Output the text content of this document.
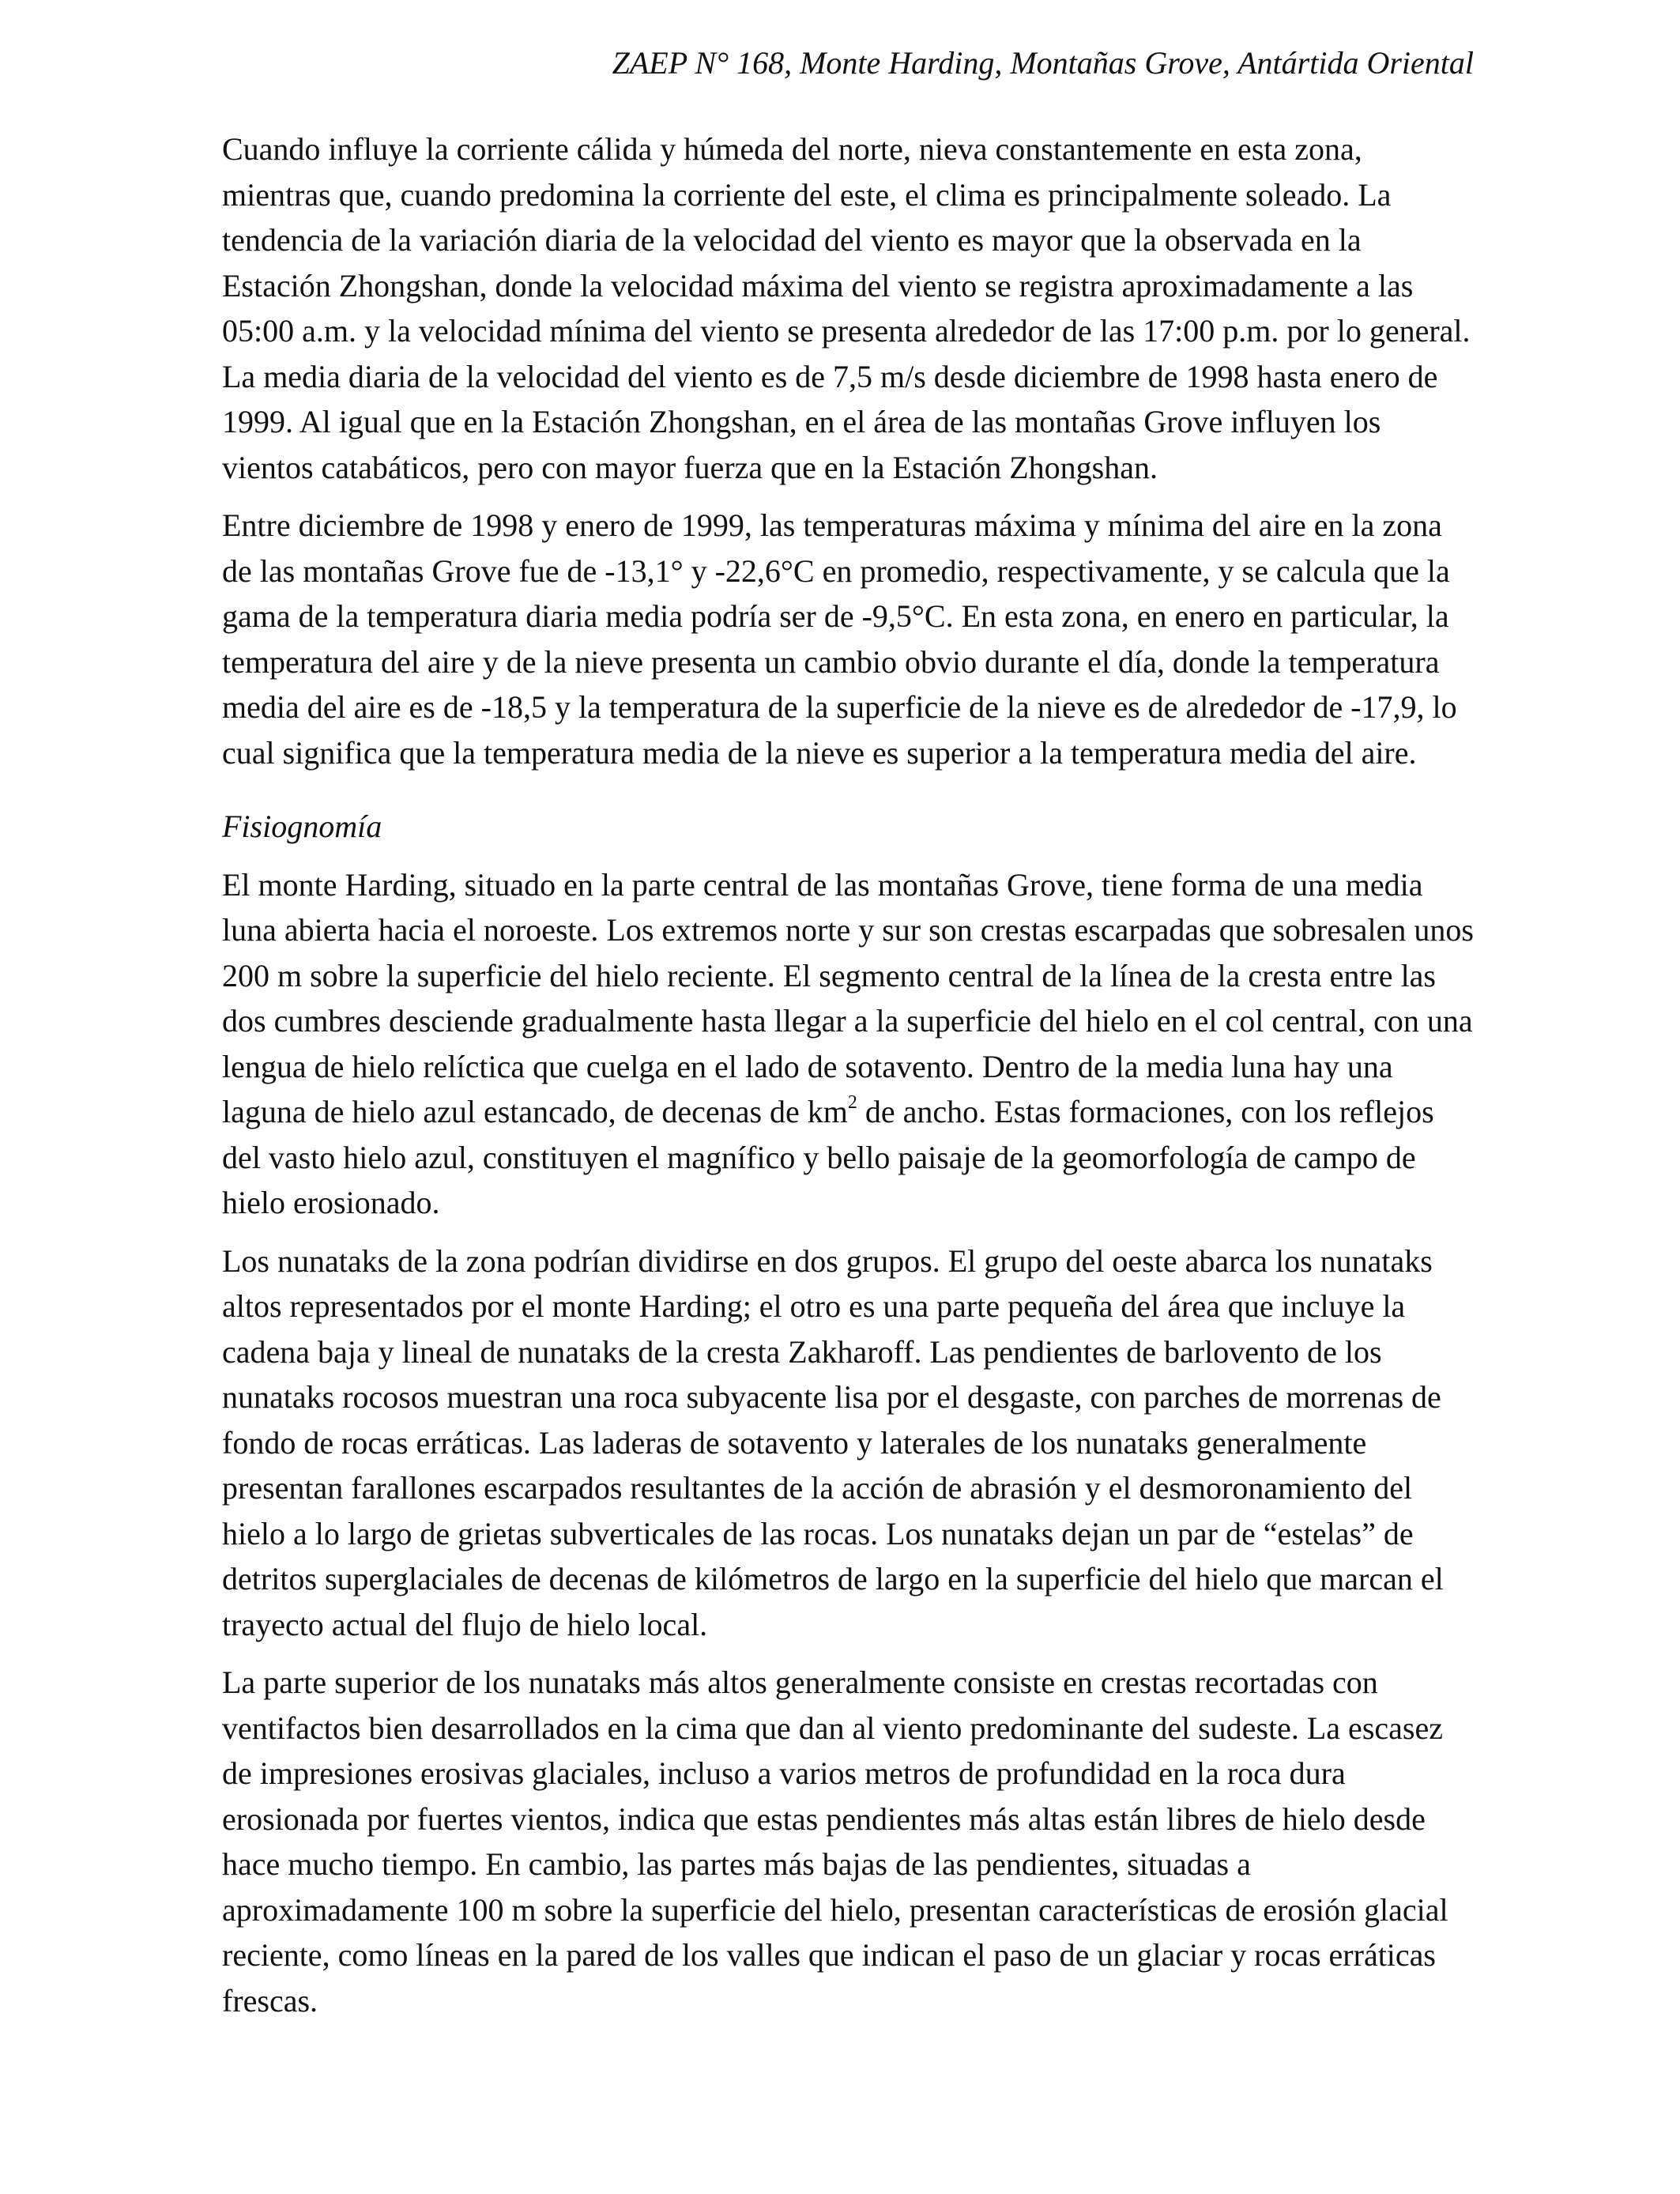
ZAEP N° 168, Monte Harding, Montañas Grove, Antártida Oriental

Cuando influye la corriente cálida y húmeda del norte, nieva constantemente en esta zona, mientras que, cuando predomina la corriente del este, el clima es principalmente soleado. La tendencia de la variación diaria de la velocidad del viento es mayor que la observada en la Estación Zhongshan, donde la velocidad máxima del viento se registra aproximadamente a las 05:00 a.m. y la velocidad mínima del viento se presenta alrededor de las 17:00 p.m. por lo general. La media diaria de la velocidad del viento es de 7,5 m/s desde diciembre de 1998 hasta enero de 1999. Al igual que en la Estación Zhongshan, en el área de las montañas Grove influyen los vientos catabáticos, pero con mayor fuerza que en la Estación Zhongshan.

Entre diciembre de 1998 y enero de 1999, las temperaturas máxima y mínima del aire en la zona de las montañas Grove fue de -13,1° y -22,6°C en promedio, respectivamente, y se calcula que la gama de la temperatura diaria media podría ser de -9,5°C. En esta zona, en enero en particular, la temperatura del aire y de la nieve presenta un cambio obvio durante el día, donde la temperatura media del aire es de -18,5 y la temperatura de la superficie de la nieve es de alrededor de -17,9, lo cual significa que la temperatura media de la nieve es superior a la temperatura media del aire.

Fisiognomía

El monte Harding, situado en la parte central de las montañas Grove, tiene forma de una media luna abierta hacia el noroeste. Los extremos norte y sur son crestas escarpadas que sobresalen unos 200 m sobre la superficie del hielo reciente. El segmento central de la línea de la cresta entre las dos cumbres desciende gradualmente hasta llegar a la superficie del hielo en el col central, con una lengua de hielo relíctica que cuelga en el lado de sotavento. Dentro de la media luna hay una laguna de hielo azul estancado, de decenas de $km^2$ de ancho. Estas formaciones, con los reflejos del vasto hielo azul, constituyen el magnífico y bello paisaje de la geomorfología de campo de hielo erosionado.

Los nunataks de la zona podrían dividirse en dos grupos. El grupo del oeste abarca los nunataks altos representados por el monte Harding; el otro es una parte pequeña del área que incluye la cadena baja y lineal de nunataks de la cresta Zakharoff. Las pendientes de barlovento de los nunataks rocosos muestran una roca subyacente lisa por el desgaste, con parches de morrenas de fondo de rocas erráticas. Las laderas de sotavento y laterales de los nunataks generalmente presentan farallones escarpados resultantes de la acción de abrasión y el desmoronamiento del hielo a lo largo de grietas subverticales de las rocas. Los nunataks dejan un par de “estelas” de detritos superglaciales de decenas de kilómetros de largo en la superficie del hielo que marcan el trayecto actual del flujo de hielo local.

La parte superior de los nunataks más altos generalmente consiste en crestas recortadas con ventifactos bien desarrollados en la cima que dan al viento predominante del sudeste. La escasez de impresiones erosivas glaciales, incluso a varios metros de profundidad en la roca dura erosionada por fuertes vientos, indica que estas pendientes más altas están libres de hielo desde hace mucho tiempo. En cambio, las partes más bajas de las pendientes, situadas a aproximadamente 100 m sobre la superficie del hielo, presentan características de erosión glacial reciente, como líneas en la pared de los valles que indican el paso de un glaciar y rocas erráticas frescas.
